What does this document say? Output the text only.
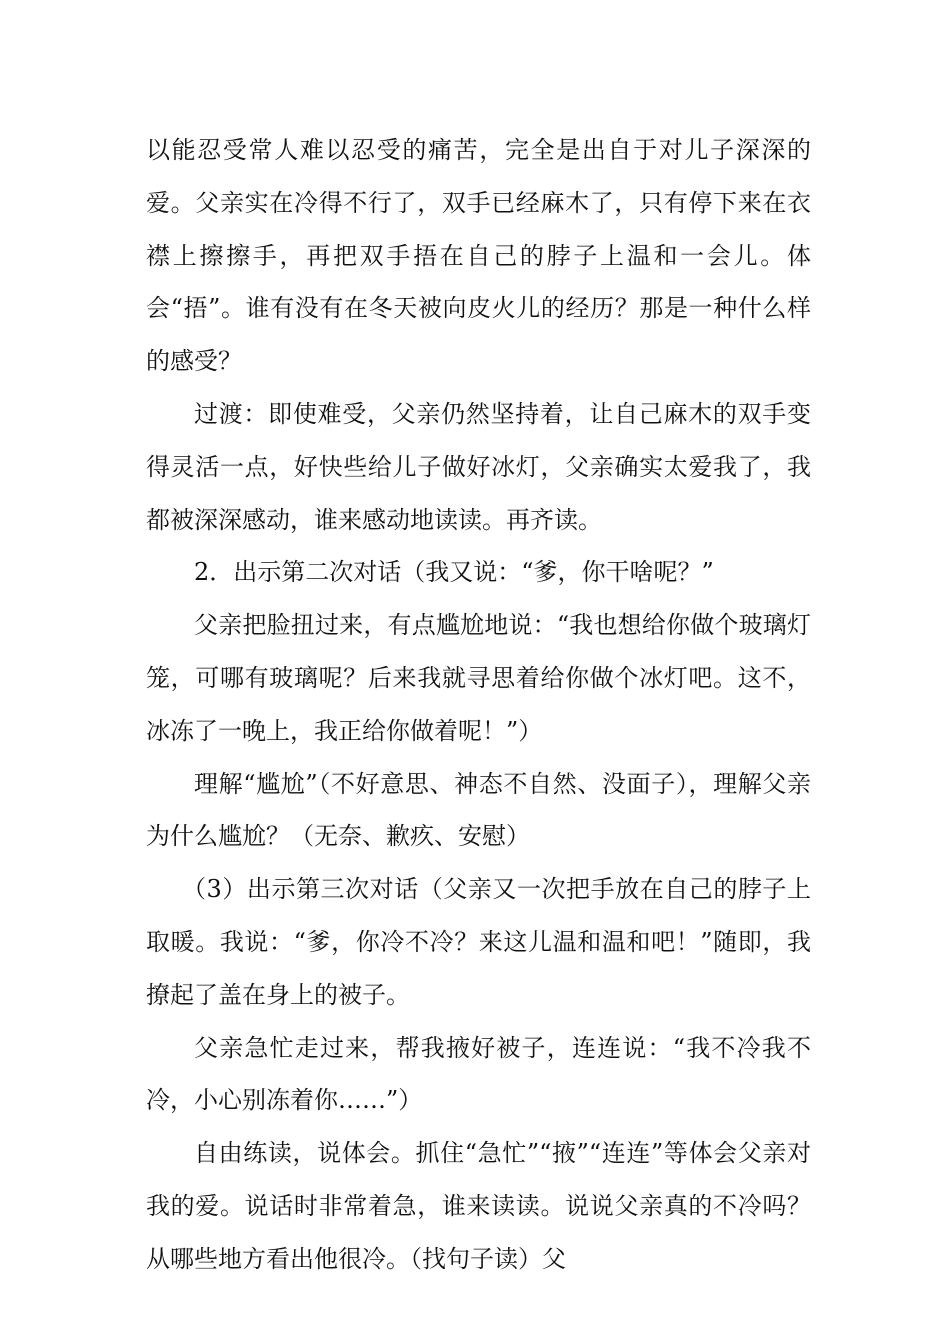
以能忍受常人难以忍受的痛苦，完全是出自于对儿子深深的爱。父亲实在冷得不行了，双手已经麻木了，只有停下来在衣襟上擦擦手，再把双手捂在自己的脖子上温和一会儿。体会“捂”。谁有没有在冬天被向皮火儿的经历？那是一种什么样的感受？

过渡：即使难受，父亲仍然坚持着，让自己麻木的双手变得灵活一点，好快些给儿子做好冰灯，父亲确实太爱我了，我都被深深感动，谁来感动地读读。再齐读。

2．出示第二次对话（我又说：“爹，你干啥呢？”

父亲把脸扭过来，有点尴尬地说：“我也想给你做个玻璃灯笼，可哪有玻璃呢？后来我就寻思着给你做个冰灯吧。这不，冰冻了一晚上，我正给你做着呢！”）

理解“尴尬”（不好意思、神态不自然、没面子），理解父亲为什么尴尬？（无奈、歉疚、安慰）

（3）出示第三次对话（父亲又一次把手放在自己的脖子上取暖。我说：“爹，你冷不冷？来这儿温和温和吧！”随即，我撩起了盖在身上的被子。

父亲急忙走过来，帮我掖好被子，连连说：“我不冷我不冷，小心别冻着你……”）

自由练读，说体会。抓住“急忙”“掖”“连连”等体会父亲对我的爱。说话时非常着急，谁来读读。说说父亲真的不冷吗？从哪些地方看出他很冷。（找句子读）父
